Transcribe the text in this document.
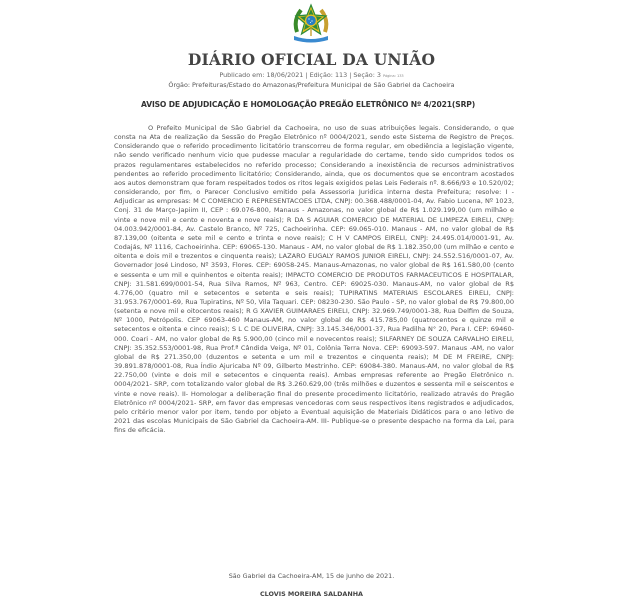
DIÁRIO OFICIAL DA UNIÃO
Publicado em: 18/06/2021 | Edição: 113 | Seção: 3 Página: 133
Órgão: Prefeituras/Estado do Amazonas/Prefeitura Municipal de São Gabriel da Cachoeira
AVISO DE ADJUDICAÇÃO E HOMOLOGAÇÃO PREGÃO ELETRÔNICO Nº 4/2021(SRP)

O Prefeito Municipal de São Gabriel da Cachoeira, no uso de suas atribuições legais. Considerando, o que consta na Ata de realização da Sessão do Pregão Eletrônico nº 0004/2021, sendo este Sistema de Registro de Preços. Considerando que o referido procedimento licitatório transcorreu de forma regular, em obediência a legislação vigente, não sendo verificado nenhum vicio que pudesse macular a regularidade do certame, tendo sido cumpridos todos os prazos regulamentares estabelecidos no referido processo; Considerando a inexistência de recursos administrativos pendentes ao referido procedimento licitatório; Considerando, ainda, que os documentos que se encontram acostados aos autos demonstram que foram respeitados todos os ritos legais exigidos pelas Leis Federais nº. 8.666/93 e 10.520/02; considerando, por fim, o Parecer Conclusivo emitido pela Assessoria Juridica interna desta Prefeitura; resolve: I - Adjudicar as empresas: M C COMERCIO E REPRESENTACOES LTDA, CNPJ: 00.368.488/0001-04, Av. Fabio Lucena, Nº 1023, Conj. 31 de Março-Japiim II, CEP : 69.076-800, Manaus - Amazonas, no valor global de R$ 1.029.199,00 (um milhão e vinte e nove mil e cento e noventa e nove reais); R DA S AGUIAR COMERCIO DE MATERIAL DE LIMPEZA EIRELI, CNPJ: 04.003.942/0001-84, Av. Castelo Branco, Nº 725, Cachoeirinha. CEP: 69.065-010. Manaus - AM, no valor global de R$ 87.139,00 (oitenta e sete mil e cento e trinta e nove reais); C H V CAMPOS EIRELI, CNPJ: 24.495.014/0001-91, Av. Codajás, Nº 1116, Cachoeirinha. CEP: 69065-130. Manaus - AM, no valor global de R$ 1.182.350,00 (um milhão e cento e oitenta e dois mil e trezentos e cinquenta reais); LAZARO EUGALY RAMOS JUNIOR EIRELI, CNPJ: 24.552.516/0001-07, Av. Governador José Lindoso, Nº 3593, Flores. CEP: 69058-245. Manaus-Amazonas, no valor global de R$ 161.580,00 (cento e sessenta e um mil e quinhentos e oitenta reais); IMPACTO COMERCIO DE PRODUTOS FARMACEUTICOS E HOSPITALAR, CNPJ: 31.581.699/0001-54, Rua Silva Ramos, Nº 963, Centro. CEP: 69025-030. Manaus-AM, no valor global de R$ 4.776,00 (quatro mil e setecentos e setenta e seis reais); TUPIRATINS MATERIAIS ESCOLARES EIRELI, CNPJ: 31.953.767/0001-69, Rua Tupiratins, Nº 50, Vila Taquari. CEP: 08230-230. São Paulo - SP, no valor global de R$ 79.800,00 (setenta e nove mil e oitocentos reais); R G XAVIER GUIMARAES EIRELI, CNPJ: 32.969.749/0001-38, Rua Delfim de Souza, Nº 1000, Petrópolis. CEP 69063-460 Manaus-AM, no valor global de R$ 415.785,00 (quatrocentos e quinze mil e setecentos e oitenta e cinco reais); S L C DE OLIVEIRA, CNPJ: 33.145.346/0001-37, Rua Padilha N° 20, Pera I. CEP: 69460-000. Coari - AM, no valor global de R$ 5.900,00 (cinco mil e novecentos reais); SILFARNEY DE SOUZA CARVALHO EIRELI, CNPJ: 35.352.553/0001-98, Rua Prof.ª Cândida Veiga, Nº 01, Colônia Terra Nova. CEP: 69093-597. Manaus -AM, no valor global de R$ 271.350,00 (duzentos e setenta e um mil e trezentos e cinquenta reais); M DE M FREIRE, CNPJ: 39.891.878/0001-08, Rua Índio Ajuricaba Nº 09, Gilberto Mestrinho. CEP: 69084-380. Manaus-AM, no valor global de R$ 22.750,00 (vinte e dois mil e setecentos e cinquenta reais). Ambas empresas referente ao Pregão Eletrônico n. 0004/2021- SRP, com totalizando valor global de R$ 3.260.629,00 (três milhões e duzentos e sessenta mil e seiscentos e vinte e nove reais). II- Homologar a deliberação final do presente procedimento licitatório, realizado através do Pregão Eletrônico nº 0004/2021- SRP, em favor das empresas vencedoras com seus respectivos itens registrados e adjudicados, pelo critério menor valor por item, tendo por objeto a Eventual aquisição de Materiais Didáticos para o ano letivo de 2021 das escolas Municipais de São Gabriel da Cachoeira-AM. III- Publique-se o presente despacho na forma da Lei, para fins de eficácia.

São Gabriel da Cachoeira-AM, 15 de junho de 2021.
CLOVIS MOREIRA SALDANHA
